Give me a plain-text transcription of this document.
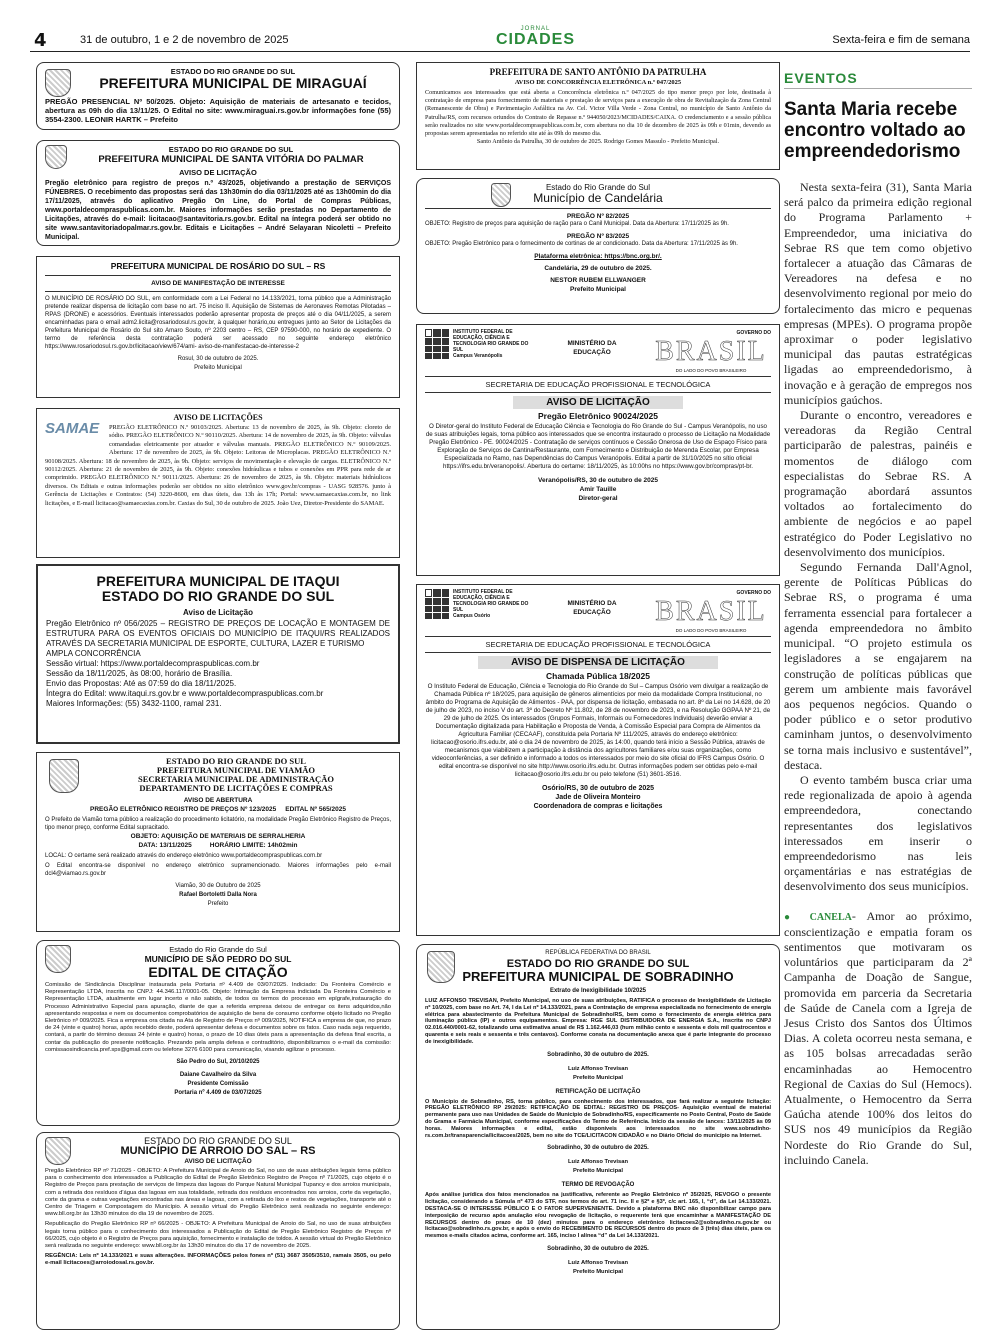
4	31 de outubro, 1 e 2 de novembro de 2025
JORNAL
CIDADES	Sexta-feira e fim de semana
ESTADO DO RIO GRANDE DO SUL
PREFEITURA MUNICIPAL DE MIRAGUAÍ
PREGÃO PRESENCIAL Nº 50/2025. Objeto: Aquisição de materiais de artesanato e tecidos, abertura as 09h do dia 13/11/25. O Edital no site: www.miraguai.rs.gov.br informações fone (55) 3554-2300. LEONIR HARTK – Prefeito
ESTADO DO RIO GRANDE DO SUL
PREFEITURA MUNICIPAL DE SANTA VITÓRIA DO PALMAR
AVISO DE LICITAÇÃO
Pregão eletrônico para registro de preços n.º 43/2025, objetivando a prestação de SERVIÇOS FÚNEBRES. O recebimento das propostas será das 13h30min do dia 03/11/2025 até as 13h00min do dia 17/11/2025, através do aplicativo Pregão On Line, do Portal de Compras Públicas, www.portaldecompraspublicas.com.br. Maiores informações serão prestadas no Departamento de Licitações, através do e-mail: licitacao@santavitoria.rs.gov.br. Edital na íntegra poderá ser obtido no site www.santavitoriadopalmar.rs.gov.br. Editais e Licitações – André Selayaran Nicoletti – Prefeito Municipal.
PREFEITURA MUNICIPAL DE ROSÁRIO DO SUL – RS
AVISO DE MANIFESTAÇÃO DE INTERESSE
O MUNICÍPIO DE ROSÁRIO DO SUL, em conformidade com a Lei Federal no 14.133/2021, torna público que a Administração pretende realizar dispensa de licitação com base no art. 75 inciso II. Aquisição de Sistemas de Aeronaves Remotas Pilotadas – RPAS (DRONE) e acessórios. Eventuais interessados poderão apresentar proposta de preços até o dia 04/11/2025, a serem encaminhadas para o email adm2.licita@rosariodosul.rs.gov.br, à qualquer horário,ou entregues junto ao Setor de Licitações da Prefeitura Municipal de Rosário do Sul sito Amaro Souto, nº 2203 centro – RS, CEP 97590-000, no horário de expediente. O termo de referência desta contratação poderá ser acessado no seguinte endereço eletrônico https://www.rosariodosul.rs.gov.br/licitacao/view/674/ami- aviso-de-manifestacao-de-interesse-2
Rosul, 30 de outubro de 2025.
Prefeito Municipal
AVISO DE LICITAÇÕES
SAMAE	PREGÃO ELETRÔNICO N.º 90103/2025. Abertura: 13 de novembro de 2025, às 9h. Objeto: cloreto de sódio. PREGÃO ELETRÔNICO N.º 90110/2025. Abertura: 14 de novembro de 2025, às 9h. Objeto: válvulas comandadas eletricamente por atuador e válvulas manuais. PREGÃO ELETRÔNICO N.º 90109/2025. Abertura: 17 de novembro de 2025, às 9h. Objeto: Leitoras de Microplacas. PREGÃO ELETRÔNICO N.º 90108/2025. Abertura: 18 de novembro de 2025, às 9h. Objeto: serviços de movimentação e elevação de cargas. ELETRÔNICO N.º 90112/2025. Abertura: 21 de novembro de 2025, às 9h. Objeto: conexões hidráulicas e tubos e conexões em PPR para rede de ar comprimido. PREGÃO ELETRÔNICO N.º 90111/2025. Abertura: 26 de novembro de 2025, às 9h. Objeto: materiais hidráulicos diversos. Os Editais e outras informações poderão ser obtidos no sítio eletrônico www.gov.br/compras - UASG 928576. junto à Gerência de Licitações e Contratos: (54) 3220-8600, em dias úteis, das 13h às 17h; Portal: www.samaecaxias.com.br, no link licitações, e E-mail licitacao@samaecaxias.com.br. Caxias do Sul, 30 de outubro de 2025. João Uez, Diretor-Presidente do SAMAE.
PREFEITURA MUNICIPAL DE ITAQUI
ESTADO DO RIO GRANDE DO SUL
Aviso de Licitação
Pregão Eletrônico nº 056/2025 – REGISTRO DE PREÇOS DE LOCAÇÃO E MONTAGEM DE ESTRUTURA PARA OS EVENTOS OFICIAIS DO MUNICÍPIO DE ITAQUI/RS REALIZADOS ATRAVÉS DA SECRETARIA MUNICIPAL DE ESPORTE, CULTURA, LAZER E TURISMO
AMPLA CONCORRÊNCIA
Sessão virtual: https://www.portaldecompraspublicas.com.br
Sessão da 18/11/2025, às 08:00, horário de Brasília.
Envio das Propostas: Até as 07:59 do dia 18/11/2025.
Íntegra do Edital: www.itaqui.rs.gov.br e www.portaldecompraspublicas.com.br
Maiores Informações: (55) 3432-1100, ramal 231.
ESTADO DO RIO GRANDE DO SUL
PREFEITURA MUNICIPAL DE VIAMÃO
SECRETARIA MUNICIPAL DE ADMINISTRAÇÃO
DEPARTAMENTO DE LICITAÇÕES E COMPRAS
AVISO DE ABERTURA
PREGÃO ELETRÔNICO REGISTRO DE PREÇOS Nº 123/2025     EDITAL Nº 565/2025
O Prefeito de Viamão torna público a realização do procedimento licitatório, na modalidade Pregão Eletrônico Registro de Preços, tipo menor preço, conforme Edital supracitado.
OBJETO: AQUISIÇÃO DE MATERIAIS DE SERRALHERIA
DATA: 13/11/2025          HORÁRIO LIMITE: 14h02min
LOCAL: O certame será realizado através do endereço eletrônico www.portaldecompraspublicas.com.br
O Edital encontra-se disponível no endereço eletrônico supramencionado. Maiores informações pelo e-mail dcl4@viamao.rs.gov.br
Viamão, 30 de Outubro de 2025
Rafael Bortoletti Dalla Nora
Prefeito
Estado do Rio Grande do Sul
MUNICÍPIO DE SÃO PEDRO DO SUL
EDITAL DE CITAÇÃO
Comissão de Sindicância Disciplinar instaurada pela Portaria nº 4.409 de 03/07/2025. Indiciado: Da Fronteira Comércio e Representação LTDA, inscrita no CNPJ: 44.346.117/0001-05. Objeto: Intimação da Empresa indiciada Da Fronteira Comércio e Representação LTDA, atualmente em lugar incerto e não sabido, de todos os termos do processo em epígrafe,instauração do Processo Administrativo Especial para apuração, diante de que a referida empresa deixou de entregar os itens adquiridos,não apresentando respostas e nem os documentos comprobatórios de aquisição de bens de consumo conforme objeto licitado no Pregão Eletrônico nº 009/2025. Fica a empresa ora citada na Ata de Registro de Preços nº 009/2025, NOTIFICA a empresa de que, no prazo de 24 (vinte e quatro) horas, após recebido deste, poderá apresentar defesa e documentos sobre os fatos. Caso nada seja requerido, contará, a partir do término dessas 24 (vinte e quatro) horas, o prazo de 10 dias úteis para a apresentação da defesa final escrita, a contar da publicação do presente notificação. Prezando pela ampla defesa e contraditório, disponibilizamos o e-mail da comissão: comissaosindicancia.pref.sps@gmail.com ou telefone 3276 6100 para comunicação, visando agilizar o processo.
São Pedro do Sul, 20/10/2025
Daiane Cavalheiro da Silva
Presidente Comissão
Portaria nº 4.409 de 03/07/2025
ESTADO DO RIO GRANDE DO SUL
MUNICÍPIO DE ARROIO DO SAL – RS
AVISO DE LICITAÇÃO
Pregão Eletrônico RP nº 71/2025 - OBJETO: A Prefeitura Municipal de Arroio do Sal, no uso de suas atribuições legais torna público para o conhecimento dos interessados a Publicação do Edital de Pregão Eletrônico Registro de Preços nº 71/2025, cujo objeto é o Registro de Preços para prestação de serviços de limpeza das lagoas do Parque Natural Municipal Tupancy e dos arroios municipais, com a retirada dos resíduos d'água das lagoas em sua totalidade, retirada dos resíduos encontrados nos arroios, corte da vegetação, corte da grama e outras vegetações encontradas nas áreas e lagoas, com a retirada do lixo e restos de vegetações, transporte até o Centro de Triagem e Compostagem do Município. A sessão virtual do Pregão Eletrônico será realizada no seguinte endereço: www.bll.org.br às 13h30 minutos do dia 19 de novembro de 2025.
Republicação do Pregão Eletrônico RP nº 66/2025 - OBJETO: A Prefeitura Municipal de Arroio do Sal, no uso de suas atribuições legais torna público para o conhecimento dos interessados a Publicação do Edital de Pregão Eletrônico Registro de Preços nº 66/2025, cujo objeto é o Registro de Preços para aquisição, fornecimento e instalação de toldos. A sessão virtual do Pregão Eletrônico será realizada no seguinte endereço: www.bll.org.br às 13h30 minutos do dia 17 de novembro de 2025.
REGÊNCIA: Leis nº 14.133/2021 e suas alterações. INFORMAÇÕES pelos fones nº (51) 3687 3505/3510, ramais 3505, ou pelo e-mail licitacoes@arroiodosal.rs.gov.br.
PREFEITURA DE SANTO ANTÔNIO DA PATRULHA
AVISO DE CONCORRÊNCIA ELETRÔNICA n.º 047/2025
Comunicamos aos interessados que está aberta a Concorrência eletrônica n.º 047/2025 do tipo menor preço por lote, destinada à contratação de empresa para fornecimento de materiais e prestação de serviços para a execução de obra de Revitalização da Zona Central (Remanescente de Obra) e Pavimentação Asfáltica na Av. Cel. Victor Villa Verde - Zona Central, no município de Santo Antônio da Patrulha/RS, com recursos oriundos do Contrato de Repasse n.º 944050/2023/MCIDADES/CAIXA. O credenciamento e a sessão pública serão realizados no site www.portaldecompraspublicas.com.br, com abertura no dia 10 de dezembro de 2025 às 09h e 01min, devendo as propostas serem apresentadas no referido site até às 09h do mesmo dia.
Santo Antônio da Patrulha, 30 de outubro de 2025. Rodrigo Gomes Massulo - Prefeito Municipal.
Estado do Rio Grande do Sul
Município de Candelária
PREGÃO Nº 82/2025
OBJETO: Registro de preços para aquisição de ração para o Canil Municipal. Data da Abertura: 17/11/2025 às 9h.
PREGÃO Nº 83/2025
OBJETO: Pregão Eletrônico para o fornecimento de cortinas de ar condicionado. Data da Abertura: 17/11/2025 às 9h.
Plataforma eletrônica: https://bnc.org.br/.
Candelária, 29 de outubro de 2025.
NESTOR RUBEM ELLWANGER
Prefeito Municipal
INSTITUTO FEDERAL DE EDUCAÇÃO, CIÊNCIA E TECNOLOGIA RIO GRANDE DO SUL
Campus Veranópolis
MINISTÉRIO DA EDUCAÇÃO
GOVERNO DO
BRASIL
DO LADO DO POVO BRASILEIRO
SECRETARIA DE EDUCAÇÃO PROFISSIONAL E TECNOLÓGICA
AVISO DE LICITAÇÃO
Pregão Eletrônico 90024/2025
O Diretor-geral do Instituto Federal de Educação Ciência e Tecnologia do Rio Grande do Sul - Campus Veranópolis, no uso de suas atribuições legais, torna público aos interessados que se encontra instaurado o processo de Licitação na Modalidade Pregão Eletrônico - PE. 90024/2025 - Contratação de serviços contínuos e Cessão Onerosa de Uso de Espaço Físico para Exploração de Serviços de Cantina/Restaurante, com Fornecimento e Distribuição de Merenda Escolar, por Empresa Especializada no Ramo, nas Dependências do Campus Veranópolis. Edital a partir de 31/10/2025 no sítio oficial https://ifrs.edu.br/veranopolis/. Abertura do certame: 18/11/2025, às 10:00hs no https://www.gov.br/compras/pt-br.
Veranópolis/RS, 30 de outubro de 2025
Amir Tauille
Diretor-geral
INSTITUTO FEDERAL DE EDUCAÇÃO, CIÊNCIA E TECNOLOGIA RIO GRANDE DO SUL
Campus Osório
MINISTÉRIO DA EDUCAÇÃO
GOVERNO DO
BRASIL
DO LADO DO POVO BRASILEIRO
SECRETARIA DE EDUCAÇÃO PROFISSIONAL E TECNOLÓGICA
AVISO DE DISPENSA DE LICITAÇÃO
Chamada Pública 18/2025
O Instituto Federal de Educação, Ciência e Tecnologia do Rio Grande do Sul – Campus Osório vem divulgar a realização de Chamada Pública nº 18/2025, para aquisição de gêneros alimentícios por meio da modalidade Compra Institucional, no âmbito do Programa de Aquisição de Alimentos - PAA, por dispensa de licitação, embasada no art. 8º da Lei no 14.628, de 20 de julho de 2023, no inciso V do art. 3º do Decreto Nº 11.802, de 28 de novembro de 2023, e na Resolução GGPAA Nº 21, de 29 de julho de 2025. Os interessados (Grupos Formais, Informais ou Fornecedores Individuais) deverão enviar a Documentação digitalizada para Habilitação e Proposta de Venda, à Comissão Especial para Compra de Alimentos da Agricultura Familiar (CECAAF), constituída pela Portaria Nº 111/2025, através do endereço eletrônico: licitacao@osorio.ifrs.edu.br, até o dia 24 de novembro de 2025, às 14:00, quando terá início a Sessão Pública, através de mecanismos que viabilizem a participação à distância dos agricultores familiares e/ou suas organizações, como videoconferências, a ser definido e informado a todos os interessados por meio do site oficial do IFRS Campus Osório. O edital encontra-se disponível no site http://www.osorio.ifrs.edu.br. Outras informações podem ser obtidas pelo e-mail licitacao@osorio.ifrs.edu.br ou pelo telefone (51) 3601-3516.
Osório/RS, 30 de outubro de 2025
Jade de Oliveira Monteiro
Coordenadora de compras e licitações
REPÚBLICA FEDERATIVA DO BRASIL
ESTADO DO RIO GRANDE DO SUL
PREFEITURA MUNICIPAL DE SOBRADINHO
Extrato de Inexigibilidade 10/2025
LUIZ AFFONSO TREVISAN, Prefeito Municipal, no uso de suas atribuições, RATIFICA o processo de Inexigibilidade de Licitação nº 10/2025, com base no Art. 74, I da Lei nº 14.133/2021, para a Contratação de empresa especializada no fornecimento de energia elétrica para abastecimento da Prefeitura Municipal de Sobradinho/RS, bem como o fornecimento de energia elétrica para iluminação pública (IP) e outros equipamentos. Empresa: RGE SUL DISTRIBUIDORA DE ENERGIA S.A., inscrita no CNPJ 02.016.440/0001-62, totalizando uma estimativa anual de R$ 1.162.446,03 (hum milhão cento e sessenta e dois mil quatrocentos e quarenta e seis reais e sessenta e três centavos). Conforme consta na documentação anexa que é parte integrante do processo de inexigibilidade.
Sobradinho, 30 de outubro de 2025.
Luiz Affonso Trevisan
Prefeito Municipal
RETIFICAÇÃO DE LICITAÇÃO
O Município de Sobradinho, RS, torna público, para conhecimento dos interessados, que fará realizar a seguinte licitação: PREGÃO ELETRÔNICO RP 29/2025: RETIFICAÇÃO DE EDITAL: REGISTRO DE PREÇOS- Aquisição eventual de material permanente para uso nas Unidades de Saúde do Município de Sobradinho/RS, especificamente no Posto Central, Posto de Saúde do Grama e Farmácia Municipal, conforme especificações do Termo de Referência. Início da sessão de lances: 13/11/2025 às 09 horas. Maiores informações e edital, estão disponíveis aos interessados no site www.sobradinho-rs.com.br/transparencia/licitacoes/2025, bem no site do TCE/LICITACON CIDADÃO e no Diário Oficial do município na Internet.
Sobradinho, 30 de outubro de 2025.
Luiz Affonso Trevisan
Prefeito Municipal
TERMO DE REVOGAÇÃO
Após análise jurídica dos fatos mencionados na justificativa, referente ao Pregão Eletrônico nº 35/2025, REVOGO o presente licitação, considerando a Súmula nº 473 do STF, nos termos do art. 71 inc. II e §2º e §3º, c/c art. 165, I, “d”, da Lei 14.133/2021. DESTACA-SE O INTERESSE PÚBLICO E O FATOR SUPERVENIENTE. Devido a plataforma BNC não disponibilizar campo para interposição de recurso após anulação e/ou revogação de licitação, o requerente terá que encaminhar a MANIFESTAÇÃO DE RECURSOS dentro do prazo de 10 (dez) minutos para o endereço eletrônico licitacoes2@sobradinho.rs.gov.br ou licitacao@sobradinho.rs.gov.br, e após o envio do RECEBIMENTO DE RECURSOS dentro do prazo de 3 (três) dias úteis, para os mesmos e-mails citados acima, conforme art. 165, inciso I alínea “d” da Lei 14.133/2021.
Sobradinho, 30 de outubro de 2025.
Luiz Affonso Trevisan
Prefeito Municipal
EVENTOS
Santa Maria recebe encontro voltado ao empreendedorismo

Nesta sexta-feira (31), Santa Maria será palco da primeira edição regional do Programa Parlamento + Empreendedor, uma iniciativa do Sebrae RS que tem como objetivo fortalecer a atuação das Câmaras de Vereadores na defesa e no desenvolvimento regional por meio do fortalecimento das micro e pequenas empresas (MPEs). O programa propõe aproximar o poder legislativo municipal das pautas estratégicas ligadas ao empreendedorismo, à inovação e à geração de empregos nos municípios gaúchos.

Durante o encontro, vereadores e vereadoras da Região Central participarão de palestras, painéis e momentos de diálogo com especialistas do Sebrae RS. A programação abordará assuntos voltados ao fortalecimento do ambiente de negócios e ao papel estratégico do Poder Legislativo no desenvolvimento dos municípios.

Segundo Fernanda Dall'Agnol, gerente de Políticas Públicas do Sebrae RS, o programa é uma ferramenta essencial para fortalecer a agenda empreendedora no âmbito municipal. “O projeto estimula os legisladores a se engajarem na construção de políticas públicas que gerem um ambiente mais favorável aos pequenos negócios. Quando o poder público e o setor produtivo caminham juntos, o desenvolvimento se torna mais inclusivo e sustentável”, destaca.

O evento também busca criar uma rede regionalizada de apoio à agenda empreendedora, conectando representantes dos legislativos interessados em inserir o empreendedorismo nas leis orçamentárias e nas estratégias de desenvolvimento dos seus municípios.

● CANELA- Amor ao próximo, conscientização e empatia foram os sentimentos que motivaram os voluntários que participaram da 2ª Campanha de Doação de Sangue, promovida em parceria da Secretaria de Saúde de Canela com a Igreja de Jesus Cristo dos Santos dos Últimos Dias. A coleta ocorreu nesta semana, e as 105 bolsas arrecadadas serão encaminhadas ao Hemocentro Regional de Caxias do Sul (Hemocs). Atualmente, o Hemocentro da Serra Gaúcha atende 100% dos leitos do SUS nos 49 municípios da Região Nordeste do Rio Grande do Sul, incluindo Canela.
